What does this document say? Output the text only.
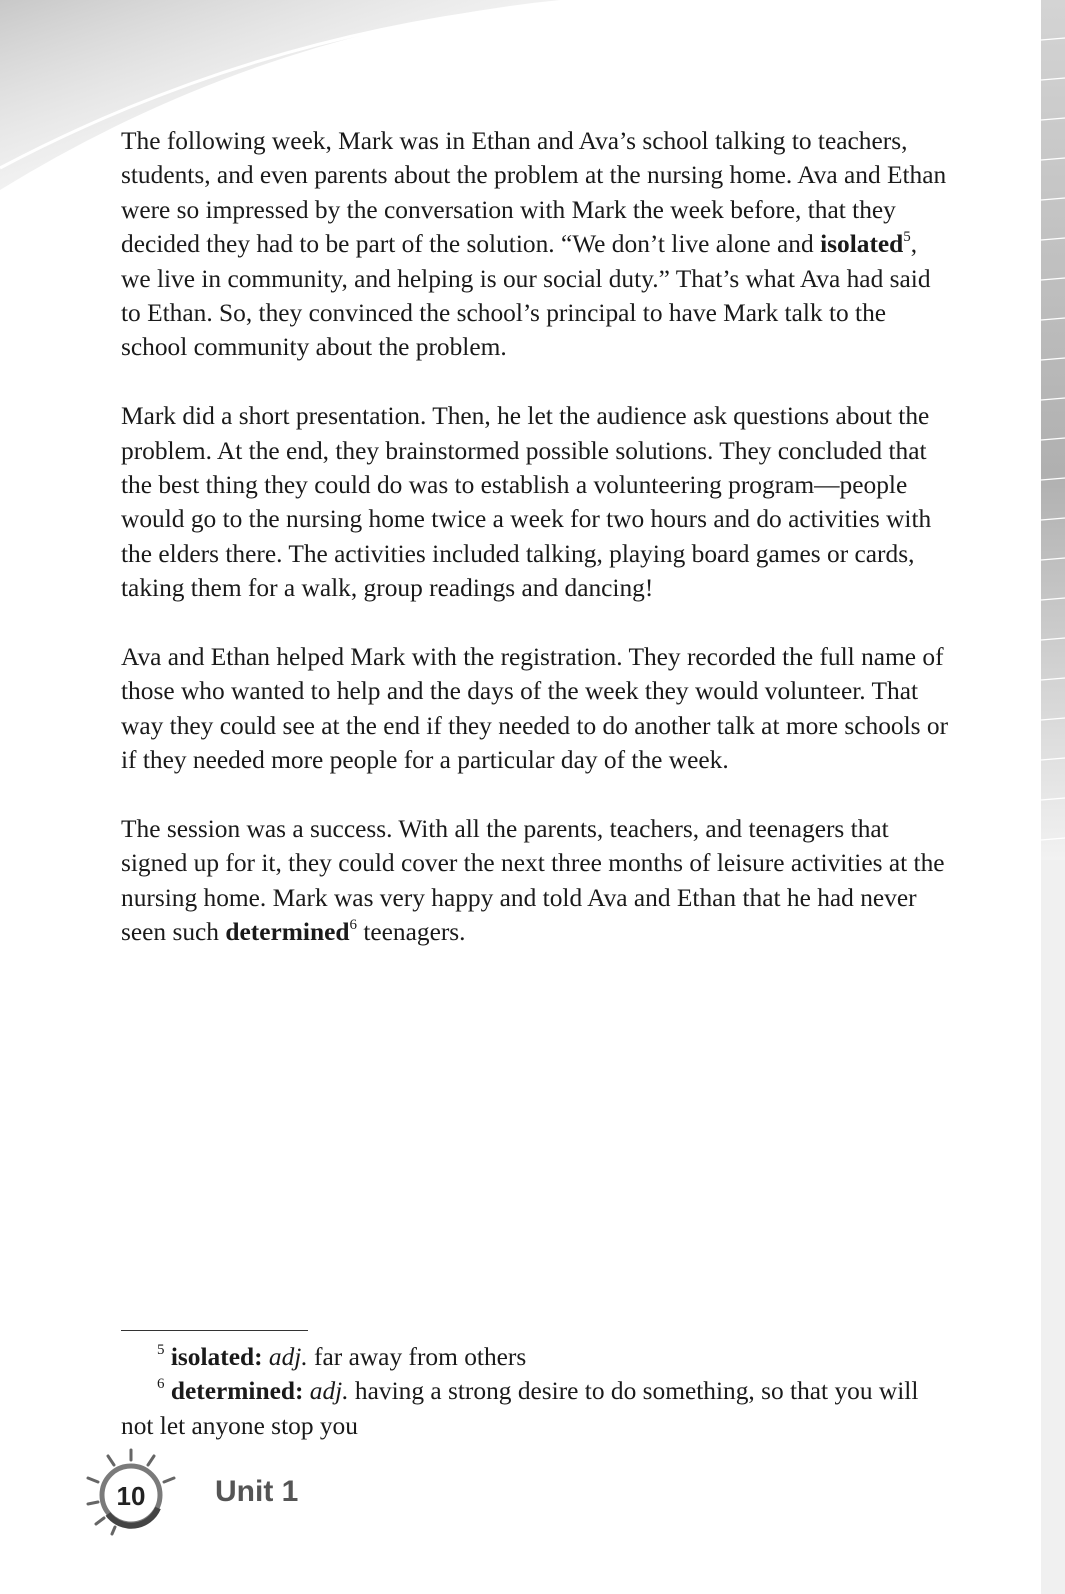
The following week, Mark was in Ethan and Ava’s school talking to teachers, students, and even parents about the problem at the nursing home. Ava and Ethan were so impressed by the conversation with Mark the week before, that they decided they had to be part of the solution. “We don’t live alone and isolated$^5$, we live in community, and helping is our social duty.” That’s what Ava had said to Ethan. So, they convinced the school’s principal to have Mark talk to the school community about the problem.

Mark did a short presentation. Then, he let the audience ask questions about the problem. At the end, they brainstormed possible solutions. They concluded that the best thing they could do was to establish a volunteering program—people would go to the nursing home twice a week for two hours and do activities with the elders there. The activities included talking, playing board games or cards, taking them for a walk, group readings and dancing!

Ava and Ethan helped Mark with the registration. They recorded the full name of those who wanted to help and the days of the week they would volunteer. That way they could see at the end if they needed to do another talk at more schools or if they needed more people for a particular day of the week.

The session was a success. With all the parents, teachers, and teenagers that signed up for it, they could cover the next three months of leisure activities at the nursing home. Mark was very happy and told Ava and Ethan that he had never seen such determined$^6$ teenagers.

$^5$ isolated: adj. far away from others

$^6$ determined: adj. having a strong desire to do something, so that you will not let anyone stop you

10 Unit 1
